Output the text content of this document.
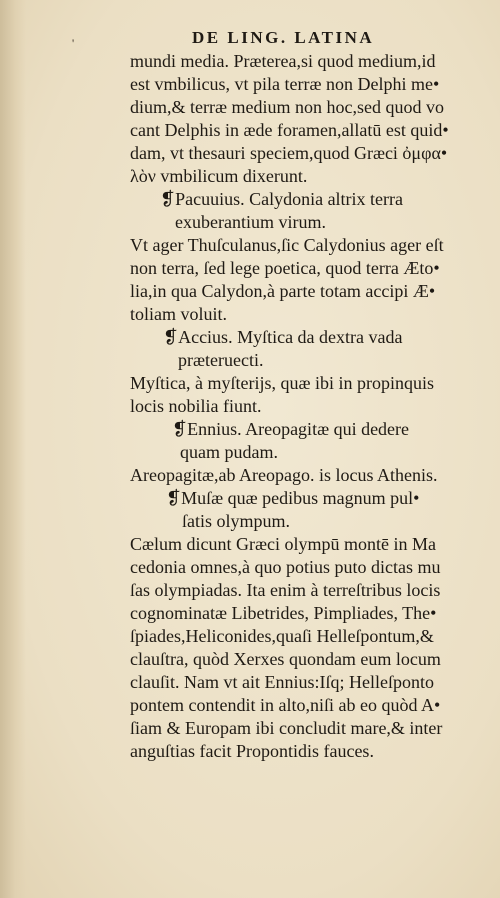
'	DE LING. LATINA
mundi media. Præterea,si quod medium,id
est vmbilicus, vt pila terræ non Delphi me•
dium,& terræ medium non hoc,sed quod vo
cant Delphis in æde foramen,allatū est quid•
dam, vt thesauri speciem,quod Græci ὀμφα•
λὸν vmbilicum dixerunt.
❡Pacuuius. Calydonia altrix terra
exuberantium virum.
Vt ager Thuſculanus,ſic Calydonius ager eſt
non terra, ſed lege poetica, quod terra Æto•
lia,in qua Calydon,à parte totam accipi Æ•
toliam voluit.
❡Accius. Myſtica da dextra vada
præteruecti.
Myſtica, à myſterijs, quæ ibi in propinquis
locis nobilia fiunt.
❡Ennius. Areopagitæ qui dedere
quam pudam.
Areopagitæ,ab Areopago. is locus Athenis.
❡Muſæ quæ pedibus magnum pul•
ſatis olympum.
Cælum dicunt Græci olympū montē in Ma
cedonia omnes,à quo potius puto dictas mu
ſas olympiadas. Ita enim à terreſtribus locis
cognominatæ Libetrides, Pimpliades, The•
ſpiades,Heliconides,quaſi Helleſpontum,&
clauſtra, quòd Xerxes quondam eum locum
clauſit. Nam vt ait Ennius:Iſq; Helleſponto
pontem contendit in alto,niſi ab eo quòd A•
ſiam & Europam ibi concludit mare,& inter
anguſtias facit Propontidis fauces.
